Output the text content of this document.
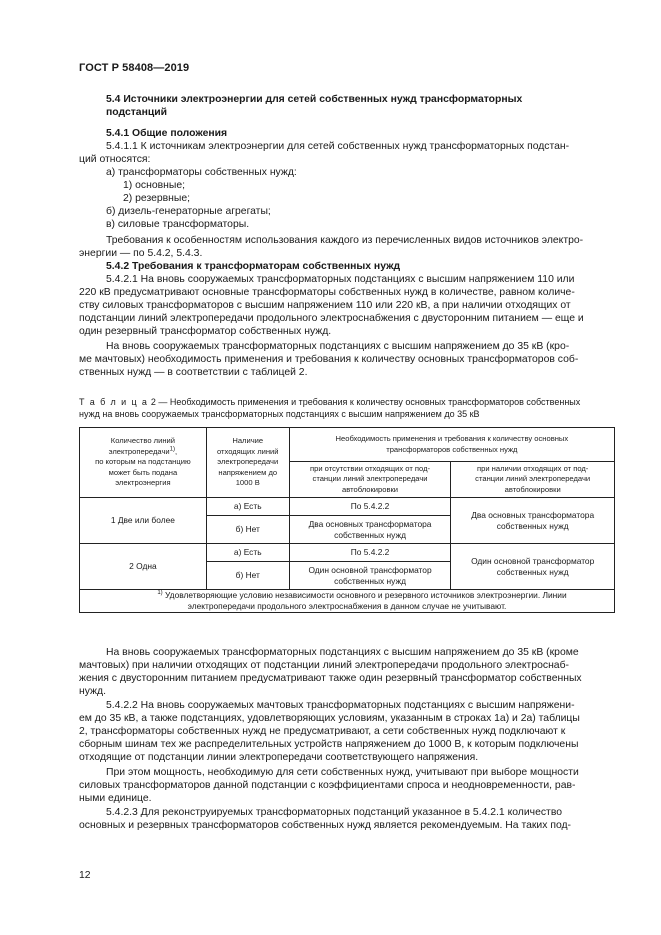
ГОСТ Р 58408—2019
5.4 Источники электроэнергии для сетей собственных нужд трансформаторных
подстанций
5.4.1 Общие положения
5.4.1.1 К источникам электроэнергии для сетей собственных нужд трансформаторных подстан-
ций относятся:
а) трансформаторы собственных нужд:
1) основные;
2) резервные;
б) дизель-генераторные агрегаты;
в) силовые трансформаторы.
Требования к особенностям использования каждого из перечисленных видов источников электро-
энергии — по 5.4.2, 5.4.3.
5.4.2 Требования к трансформаторам собственных нужд
5.4.2.1 На вновь сооружаемых трансформаторных подстанциях с высшим напряжением 110 или
220 кВ предусматривают основные трансформаторы собственных нужд в количестве, равном количе-
ству силовых трансформаторов с высшим напряжением 110 или 220 кВ, а при наличии отходящих от
подстанции линий электропередачи продольного электроснабжения с двусторонним питанием — еще и
один резервный трансформатор собственных нужд.
На вновь сооружаемых трансформаторных подстанциях с высшим напряжением до 35 кВ (кро-
ме мачтовых) необходимость применения и требования к количеству основных трансформаторов соб-
ственных нужд — в соответствии с таблицей 2.
Т а б л и ц а 2 — Необходимость применения и требования к количеству основных трансформаторов собственных
нужд на вновь сооружаемых трансформаторных подстанциях с высшим напряжением до 35 кВ
Количество линий
электропередачи$^{1)}$,
по которым на подстанцию
может быть подана
электроэнергия	Наличие
отходящих линий
электропередачи
напряжением до
1000 В	Необходимость применения и требования к количеству основных
трансформаторов собственных нужд	

		при отсутствии отходящих от под-
станции линий электропередачи
автоблокировки	при наличии отходящих от под-
станции линий электропередачи
автоблокировки

1 Две или более	а) Есть	По 5.4.2.2	Два основных трансформатора
собственных нужд

	б) Нет	Два основных трансформатора
собственных нужд	

2 Одна	а) Есть	По 5.4.2.2	Один основной трансформатор
собственных нужд

	б) Нет	Один основной трансформатор
собственных нужд	

$^{1)}$ Удовлетворяющие условию независимости основного и резервного источников электроэнергии. Линии
электропередачи продольного электроснабжения в данном случае не учитывают.			
На вновь сооружаемых трансформаторных подстанциях с высшим напряжением до 35 кВ (кроме
мачтовых) при наличии отходящих от подстанции линий электропередачи продольного электроснаб-
жения с двусторонним питанием предусматривают также один резервный трансформатор собственных
нужд.
5.4.2.2 На вновь сооружаемых мачтовых трансформаторных подстанциях с высшим напряжени-
ем до 35 кВ, а также подстанциях, удовлетворяющих условиям, указанным в строках 1а) и 2а) таблицы
2, трансформаторы собственных нужд не предусматривают, а сети собственных нужд подключают к
сборным шинам тех же распределительных устройств напряжением до 1000 В, к которым подключены
отходящие от подстанции линии электропередачи соответствующего напряжения.
При этом мощность, необходимую для сети собственных нужд, учитывают при выборе мощности
силовых трансформаторов данной подстанции с коэффициентами спроса и неодновременности, рав-
ными единице.
5.4.2.3 Для реконструируемых трансформаторных подстанций указанное в 5.4.2.1 количество
основных и резервных трансформаторов собственных нужд является рекомендуемым. На таких под-
12
